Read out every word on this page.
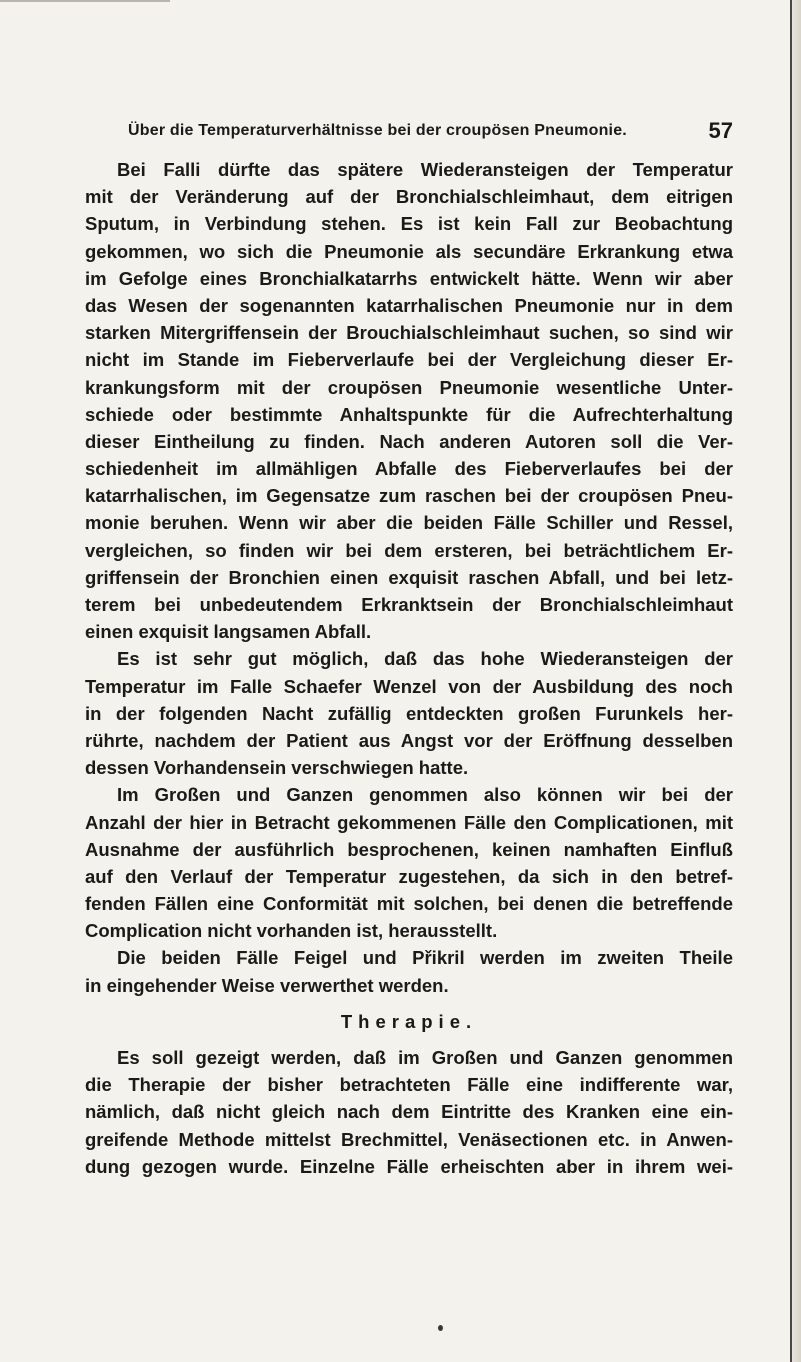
Über die Temperaturverhältnisse bei der croupösen Pneumonie.	57
Bei Falli dürfte das spätere Wiederansteigen der Temperatur
mit der Veränderung auf der Bronchialschleimhaut, dem eitrigen
Sputum, in Verbindung stehen. Es ist kein Fall zur Beobachtung
gekommen, wo sich die Pneumonie als secundäre Erkrankung etwa
im Gefolge eines Bronchialkatarrhs entwickelt hätte. Wenn wir aber
das Wesen der sogenannten katarrhalischen Pneumonie nur in dem
starken Mitergriffensein der Brouchialschleimhaut suchen, so sind wir
nicht im Stande im Fieberverlaufe bei der Vergleichung dieser Er-
krankungsform mit der croupösen Pneumonie wesentliche Unter-
schiede oder bestimmte Anhaltspunkte für die Aufrechterhaltung
dieser Eintheilung zu finden. Nach anderen Autoren soll die Ver-
schiedenheit im allmähligen Abfalle des Fieberverlaufes bei der
katarrhalischen, im Gegensatze zum raschen bei der croupösen Pneu-
monie beruhen. Wenn wir aber die beiden Fälle Schiller und Ressel,
vergleichen, so finden wir bei dem ersteren, bei beträchtlichem Er-
griffensein der Bronchien einen exquisit raschen Abfall, und bei letz-
terem bei unbedeutendem Erkranktsein der Bronchialschleimhaut
einen exquisit langsamen Abfall.
Es ist sehr gut möglich, daß das hohe Wiederansteigen der
Temperatur im Falle Schaefer Wenzel von der Ausbildung des noch
in der folgenden Nacht zufällig entdeckten großen Furunkels her-
rührte, nachdem der Patient aus Angst vor der Eröffnung desselben
dessen Vorhandensein verschwiegen hatte.
Im Großen und Ganzen genommen also können wir bei der
Anzahl der hier in Betracht gekommenen Fälle den Complicationen, mit
Ausnahme der ausführlich besprochenen, keinen namhaften Einfluß
auf den Verlauf der Temperatur zugestehen, da sich in den betref-
fenden Fällen eine Conformität mit solchen, bei denen die betreffende
Complication nicht vorhanden ist, herausstellt.
Die beiden Fälle Feigel und Přikril werden im zweiten Theile
in eingehender Weise verwerthet werden.
Therapie.
Es soll gezeigt werden, daß im Großen und Ganzen genommen
die Therapie der bisher betrachteten Fälle eine indifferente war,
nämlich, daß nicht gleich nach dem Eintritte des Kranken eine ein-
greifende Methode mittelst Brechmittel, Venäsectionen etc. in Anwen-
dung gezogen wurde. Einzelne Fälle erheischten aber in ihrem wei-
